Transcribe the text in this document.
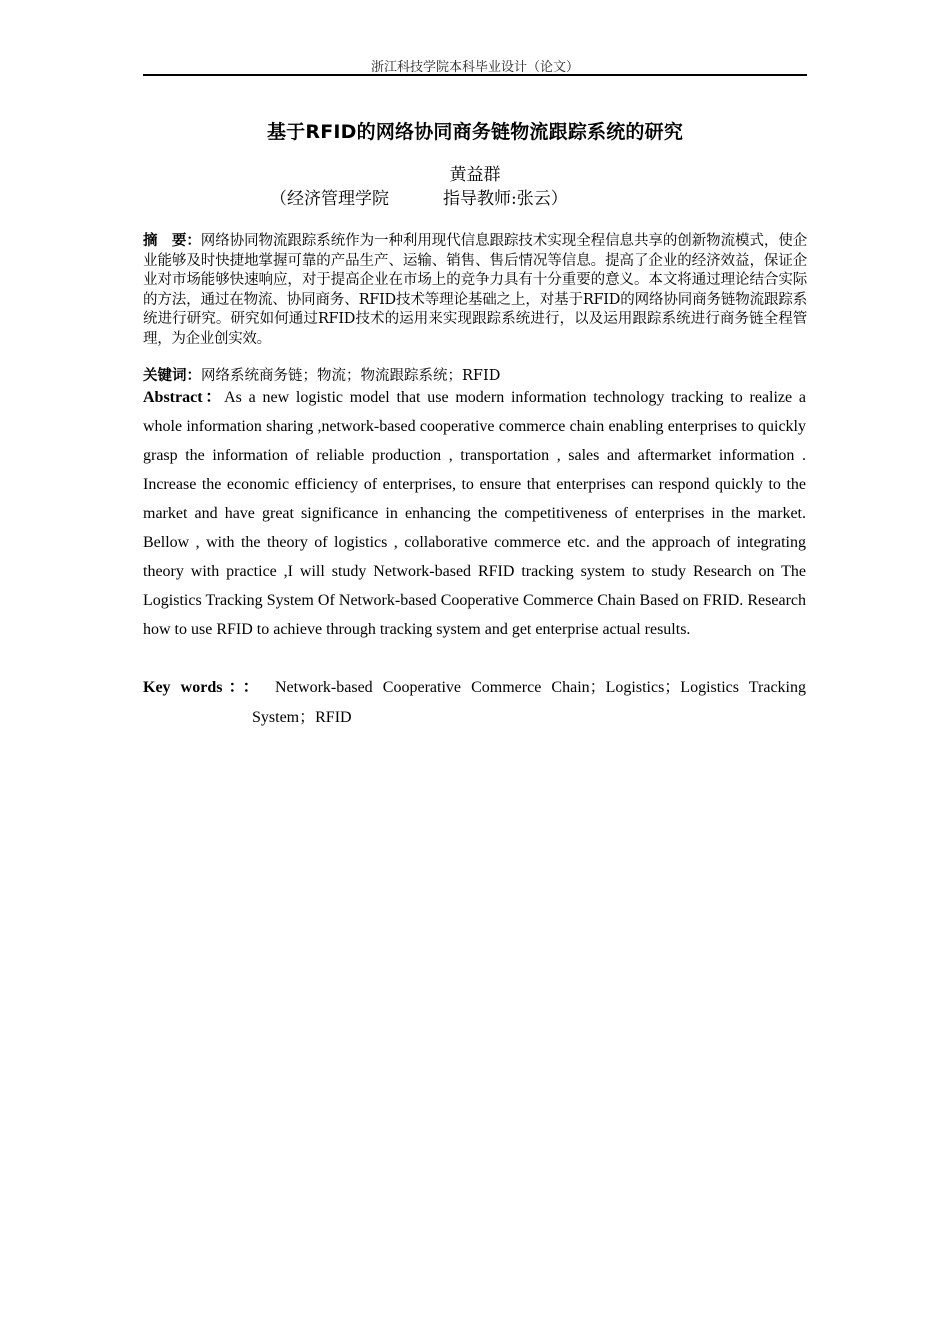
浙江科技学院本科毕业设计（论文）
基于RFID的网络协同商务链物流跟踪系统的研究
黄益群
（经济管理学院          指导教师:张云）
摘　要：网络协同物流跟踪系统作为一种利用现代信息跟踪技术实现全程信息共享的创新物流模式，使企业能够及时快捷地掌握可靠的产品生产、运输、销售、售后情况等信息。提高了企业的经济效益，保证企业对市场能够快速响应，对于提高企业在市场上的竞争力具有十分重要的意义。本文将通过理论结合实际的方法，通过在物流、协同商务、RFID技术等理论基础之上，对基于RFID的网络协同商务链物流跟踪系统进行研究。研究如何通过RFID技术的运用来实现跟踪系统进行，以及运用跟踪系统进行商务链全程管理，为企业创实效。
关键词：网络系统商务链；物流；物流跟踪系统；RFID
Abstract：As a new logistic model that use modern information technology tracking to realize a whole information sharing ,network-based cooperative commerce chain enabling enterprises to quickly grasp the information of reliable production , transportation , sales and aftermarket information . Increase the economic efficiency of enterprises, to ensure that enterprises can respond quickly to the market and have great significance in enhancing the competitiveness of enterprises in the market. Bellow , with the theory of logistics , collaborative commerce etc. and the approach of integrating theory with practice ,I will study Network-based RFID tracking system to study Research on The Logistics Tracking System Of Network-based Cooperative Commerce Chain Based on FRID. Research how to use RFID to achieve through tracking system and get enterprise actual results.
Key words：： Network-based Cooperative Commerce Chain；Logistics；Logistics Tracking
System；RFID
